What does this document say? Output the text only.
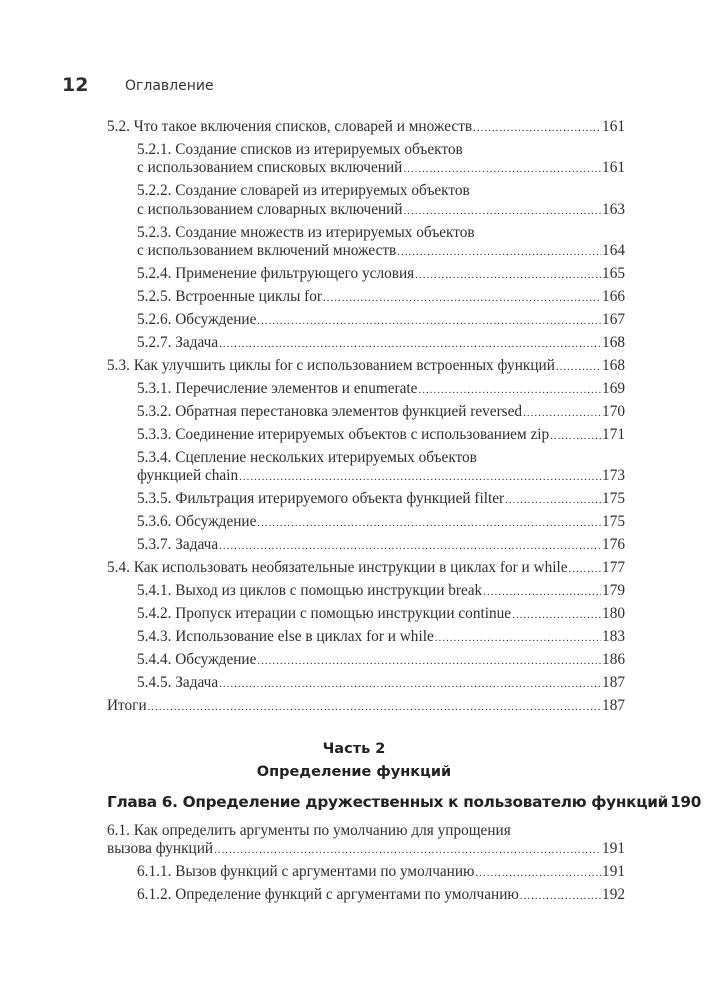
12	Оглавление
5.2. Что такое включения списков, словарей и множеств .....	161
5.2.1. Создание списков из итерируемых объектов
с использованием списковых включений .....	161
5.2.2. Создание словарей из итерируемых объектов
с использованием словарных включений .....	163
5.2.3. Создание множеств из итерируемых объектов
с использованием включений множеств .....	164
5.2.4. Применение фильтрующего условия .....	165
5.2.5. Встроенные циклы for .....	166
5.2.6. Обсуждение .....	167
5.2.7. Задача .....	168
5.3. Как улучшить циклы for с использованием встроенных функций .....	168
5.3.1. Перечисление элементов и enumerate .....	169
5.3.2. Обратная перестановка элементов функцией reversed .....	170
5.3.3. Соединение итерируемых объектов с использованием zip .....	171
5.3.4. Сцепление нескольких итерируемых объектов
функцией chain .....	173
5.3.5. Фильтрация итерируемого объекта функцией filter .....	175
5.3.6. Обсуждение .....	175
5.3.7. Задача .....	176
5.4. Как использовать необязательные инструкции в циклах for и while ..... 177
5.4.1. Выход из циклов с помощью инструкции break .....	179
5.4.2. Пропуск итерации с помощью инструкции continue .....	180
5.4.3. Использование else в циклах for и while .....	183
5.4.4. Обсуждение .....	186
5.4.5. Задача .....	187
Итоги .....	187
Часть 2
Определение функций
Глава 6. Определение дружественных к пользователю функций 190
6.1. Как определить аргументы по умолчанию для упрощения
вызова функций .....	191
6.1.1. Вызов функций с аргументами по умолчанию .....	191
6.1.2. Определение функций с аргументами по умолчанию .....	192
